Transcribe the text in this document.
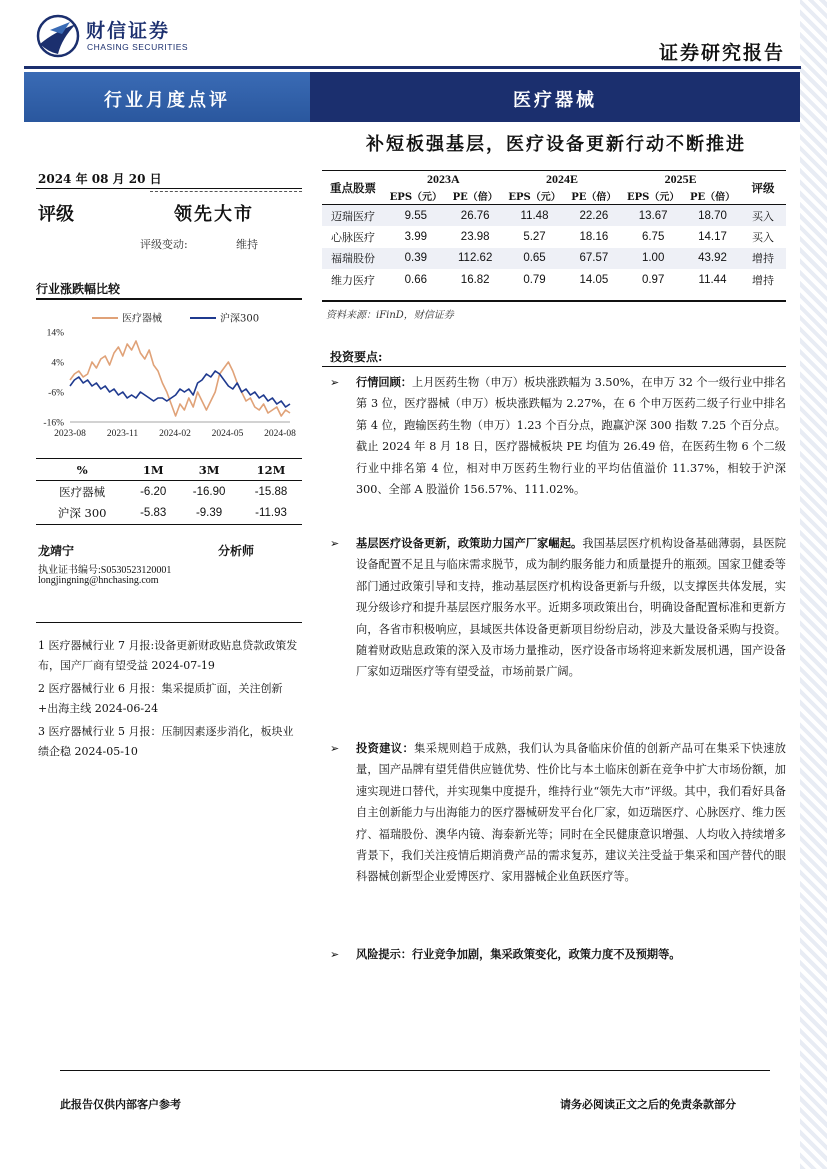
财信证券
CHASING SECURITIES	证券研究报告
行业月度点评	医疗器械
补短板强基层，医疗设备更新行动不断推进
2024 年 08 月 20 日
评级	领先大市
评级变动:	维持
行业涨跌幅比较
医疗器械	沪深300
14%
4%
-6%
-16%
2023-08 2023-11 2024-02 2024-05 2024-08
%	1M	3M	12M
医疗器械	-6.20	-16.90	-15.88
沪深 300	-5.83	-9.39	-11.93
龙靖宁	分析师
执业证书编号:S0530523120001
longjingning@hnchasing.com
1 医疗器械行业 7 月报:设备更新财政贴息贷款政策发布，国产厂商有望受益 2024-07-19
2 医疗器械行业 6 月报：集采提质扩面，关注创新+出海主线 2024-06-24
3 医疗器械行业 5 月报：压制因素逐步消化，板块业绩企稳 2024-05-10
重点股票	2023A		2024E		2025E		评级
	EPS（元）	PE（倍）	EPS（元）	PE（倍）	EPS（元）	PE（倍）	
迈瑞医疗	9.55	26.76	11.48	22.26	13.67	18.70	买入
心脉医疗	3.99	23.98	5.27	18.16	6.75	14.17	买入
福瑞股份	0.39	112.62	0.65	67.57	1.00	43.92	增持
维力医疗	0.66	16.82	0.79	14.05	0.97	11.44	增持
资料来源：iFinD，财信证券
投资要点:
➢ 行情回顾：上月医药生物（申万）板块涨跌幅为 3.50%，在申万 32 个一级行业中排名第 3 位，医疗器械（申万）板块涨跌幅为 2.27%，在 6 个申万医药二级子行业中排名第 4 位，跑输医药生物（申万）1.23 个百分点，跑赢沪深 300 指数 7.25 个百分点。截止 2024 年 8 月 18 日，医疗器械板块 PE 均值为 26.49 倍，在医药生物 6 个二级行业中排名第 4 位，相对申万医药生物行业的平均估值溢价 11.37%，相较于沪深 300、全部 A 股溢价 156.57%、111.02%。
➢ 基层医疗设备更新，政策助力国产厂家崛起。我国基层医疗机构设备基础薄弱，县医院设备配置不足且与临床需求脱节，成为制约服务能力和质量提升的瓶颈。国家卫健委等部门通过政策引导和支持，推动基层医疗机构设备更新与升级，以支撑医共体发展，实现分级诊疗和提升基层医疗服务水平。近期多项政策出台，明确设备配置标准和更新方向，各省市积极响应，县域医共体设备更新项目纷纷启动，涉及大量设备采购与投资。随着财政贴息政策的深入及市场力量推动，医疗设备市场将迎来新发展机遇，国产设备厂家如迈瑞医疗等有望受益，市场前景广阔。
➢ 投资建议：集采规则趋于成熟，我们认为具备临床价值的创新产品可在集采下快速放量，国产品牌有望凭借供应链优势、性价比与本土临床创新在竞争中扩大市场份额，加速实现进口替代，并实现集中度提升，维持行业“领先大市”评级。其中，我们看好具备自主创新能力与出海能力的医疗器械研发平台化厂家，如迈瑞医疗、心脉医疗、维力医疗、福瑞股份、澳华内镜、海泰新光等；同时在全民健康意识增强、人均收入持续增多背景下，我们关注疫情后期消费产品的需求复苏，建议关注受益于集采和国产替代的眼科器械创新型企业爱博医疗、家用器械企业鱼跃医疗等。
➢ 风险提示：行业竞争加剧，集采政策变化，政策力度不及预期等。
此报告仅供内部客户参考	请务必阅读正文之后的免责条款部分
